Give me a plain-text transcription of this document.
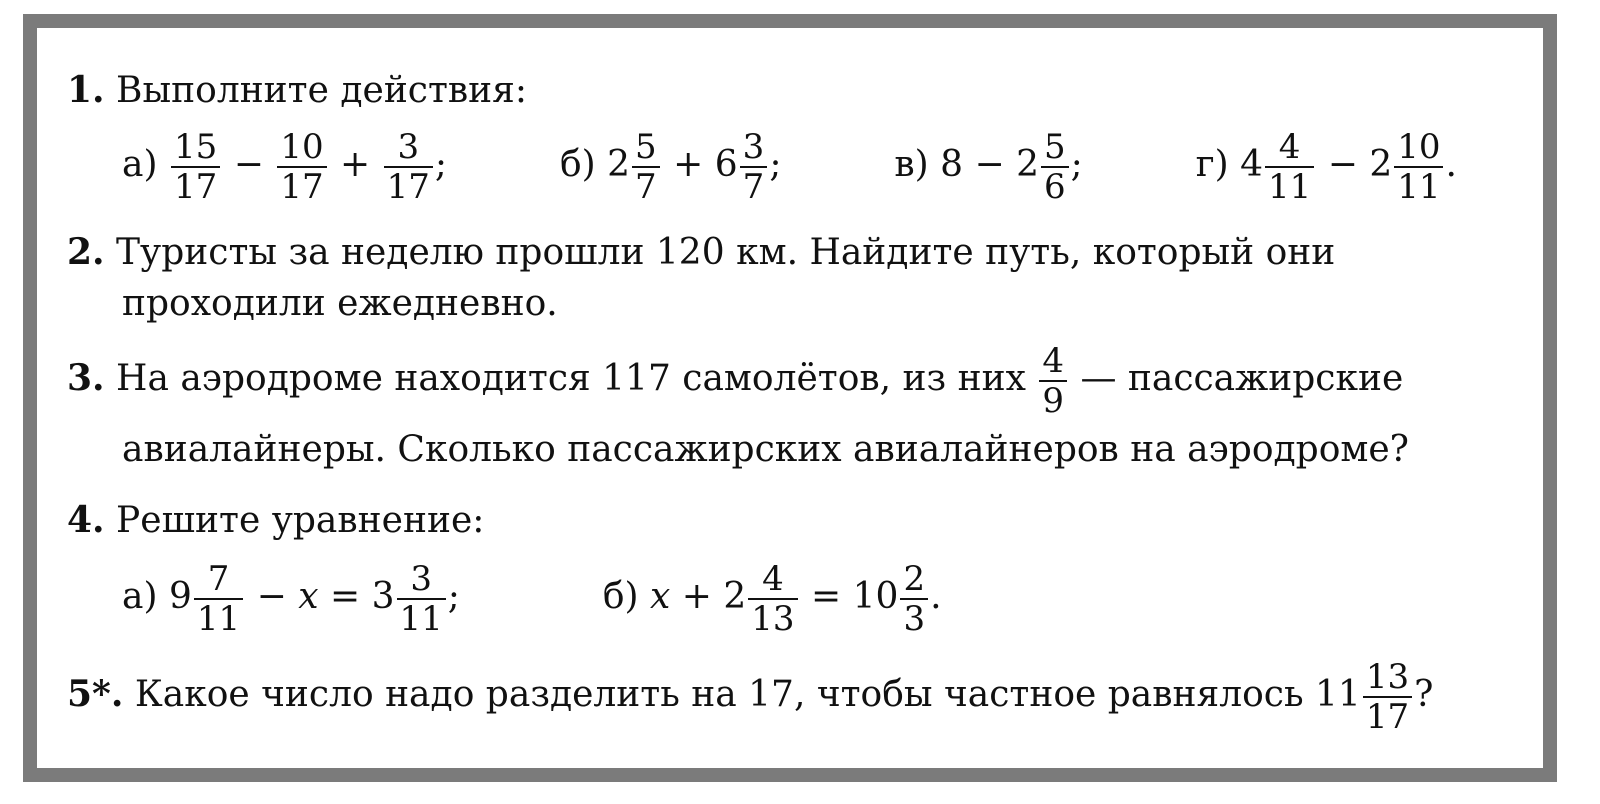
1. Выполните действия:
$а) \frac{15}{17} - \frac{10}{17} + \frac{3}{17}$ ;	б) $2 \frac{5}{7} + 6 \frac{3}{7}$ ;	в) $8 - 2 \frac{5}{6}$ ;	г) $4 \frac{4}{11} - 2 \frac{10}{11}$ .
2. Туристы за неделю прошли 120 км. Найдите путь, который они
проходили ежедневно.
3. На аэродроме находится 117 самолётов, из них $\frac{4}{9}$ — пассажирские
авиалайнеры. Сколько пассажирских авиалайнеров на аэродроме?
4. Решите уравнение:
а) $9 \frac{7}{11} - x = 3 \frac{3}{11}$ ;	б) $x + 2 \frac{4}{13} = 10 \frac{2}{3}$ .
5*. Какое число надо разделить на 17, чтобы частное равнялось $11 \frac{13}{17}$ ?
